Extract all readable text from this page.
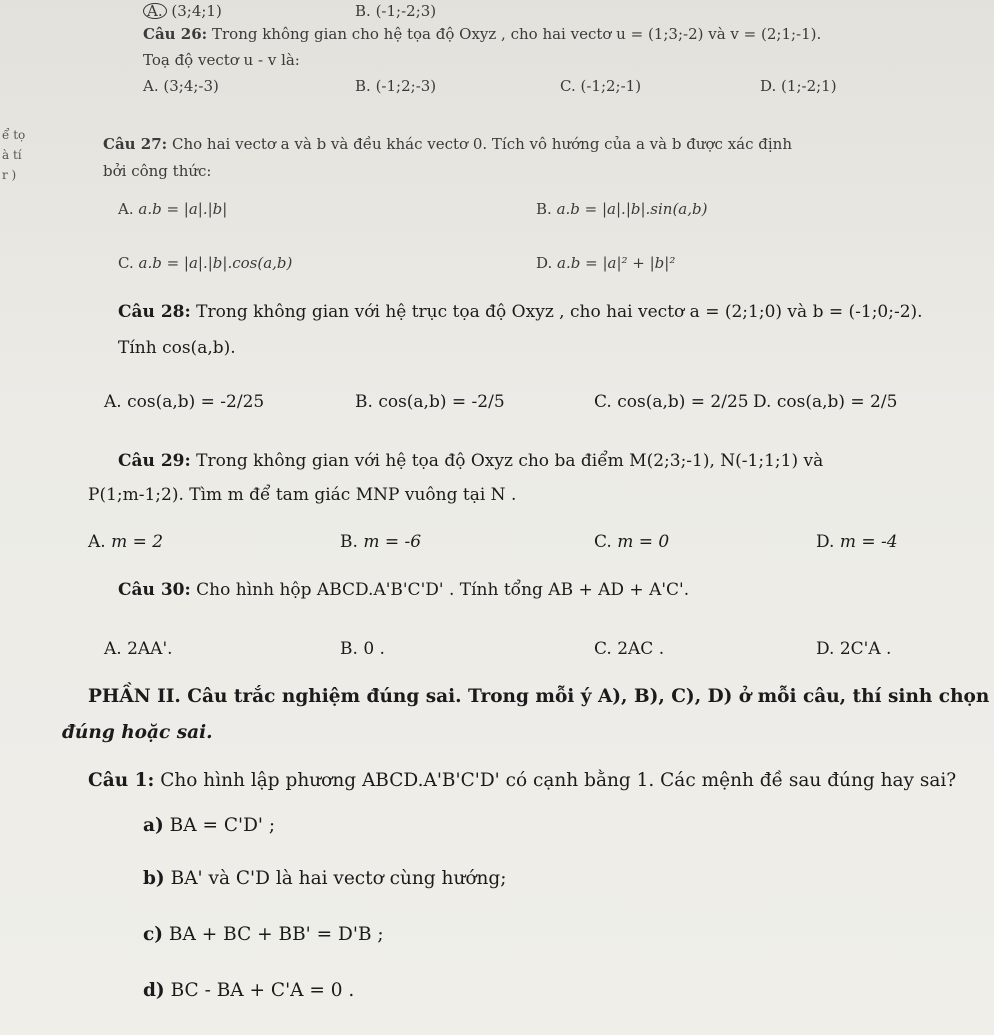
ể tọ
à tí
r )
A. (3;4;1)	B. (-1;-2;3)
Câu 26: Trong không gian cho hệ tọa độ Oxyz , cho hai vectơ u = (1;3;-2) và v = (2;1;-1).
Toạ độ vectơ u - v là:
A. (3;4;-3)	B. (-1;2;-3)	C. (-1;2;-1)	D. (1;-2;1)
Câu 27: Cho hai vectơ a và b và đều khác vectơ 0. Tích vô hướng của a và b được xác định
bởi công thức:
A. a.b = |a|.|b|	B. a.b = |a|.|b|.sin(a,b)
C. a.b = |a|.|b|.cos(a,b)	D. a.b = |a|² + |b|²
Câu 28: Trong không gian với hệ trục tọa độ Oxyz , cho hai vectơ a = (2;1;0) và b = (-1;0;-2).
Tính cos(a,b).
A. cos(a,b) = -2/25	B. cos(a,b) = -2/5	C. cos(a,b) = 2/25 D. cos(a,b) = 2/5
Câu 29: Trong không gian với hệ tọa độ Oxyz cho ba điểm M(2;3;-1), N(-1;1;1) và
P(1;m-1;2). Tìm m để tam giác MNP vuông tại N .
A. m = 2	B. m = -6	C. m = 0	D. m = -4
Câu 30: Cho hình hộp ABCD.A'B'C'D' . Tính tổng AB + AD + A'C'.
A. 2AA'.	B. 0 .	C. 2AC .	D. 2C'A .
PHẦN II. Câu trắc nghiệm đúng sai. Trong mỗi ý A), B), C), D) ở mỗi câu, thí sinh chọn
đúng hoặc sai.
Câu 1: Cho hình lập phương ABCD.A'B'C'D' có cạnh bằng 1. Các mệnh đề sau đúng hay sai?
a) BA = C'D' ;
b) BA' và C'D là hai vectơ cùng hướng;
c) BA + BC + BB' = D'B ;
d) BC - BA + C'A = 0 .
